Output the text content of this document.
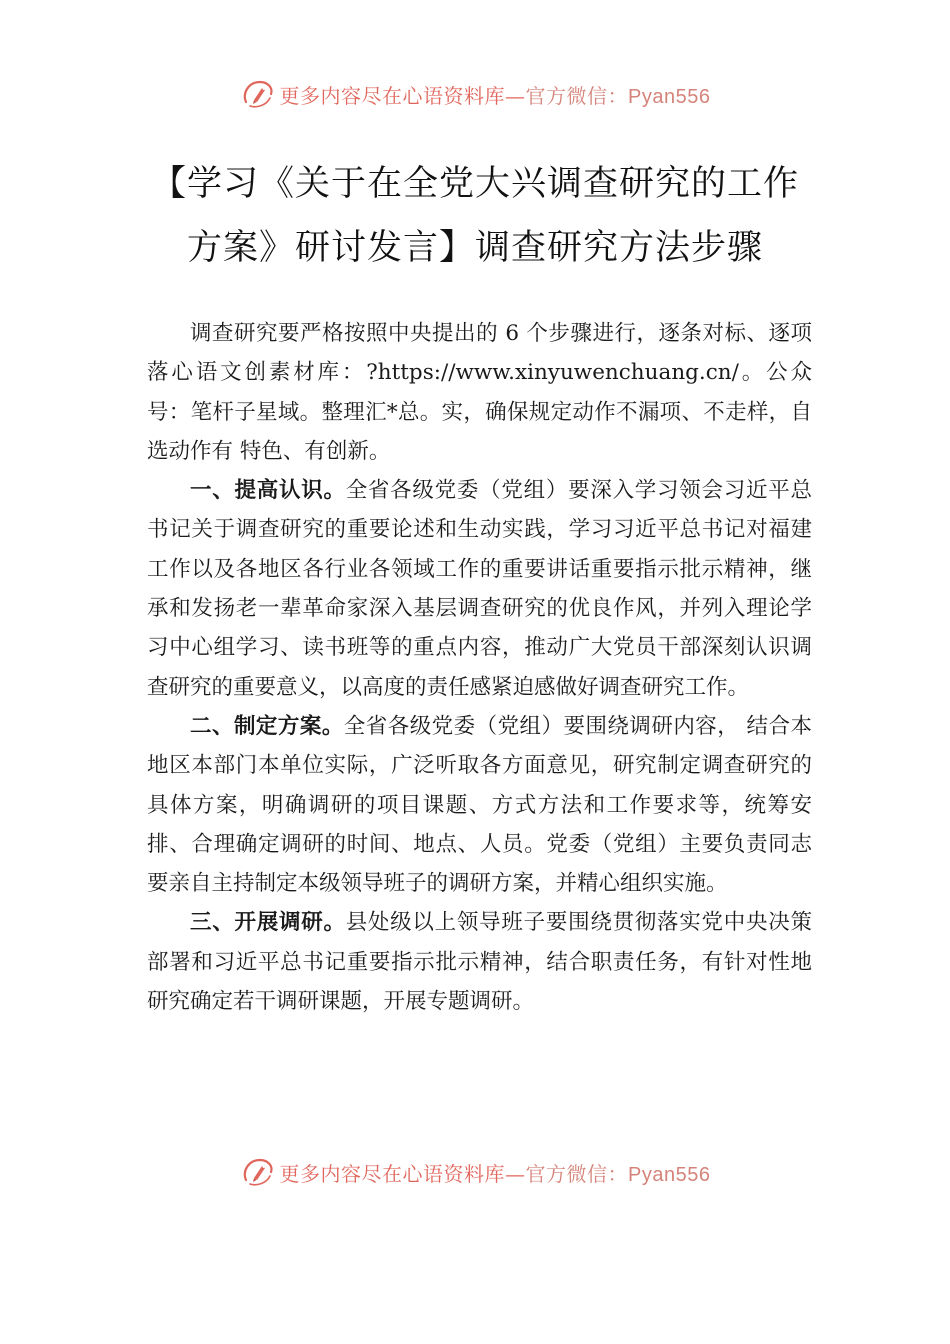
更多内容尽在心语资料库—官方微信：Pyan556
【学习《关于在全党大兴调查研究的工作
方案》研讨发言】调查研究方法步骤

调查研究要严格按照中央提出的 6 个步骤进行，逐条对标、逐项落心语文创素材库：?https://www.xinyuwenchuang.cn/。公众号：笔杆子星域。整理汇*总。实，确保规定动作不漏项、不走样，自选动作有 特色、有创新。

一、提高认识。全省各级党委（党组）要深入学习领会习近平总书记关于调查研究的重要论述和生动实践，学习习近平总书记对福建工作以及各地区各行业各领域工作的重要讲话重要指示批示精神，继承和发扬老一辈革命家深入基层调查研究的优良作风，并列入理论学习中心组学习、读书班等的重点内容，推动广大党员干部深刻认识调查研究的重要意义，以高度的责任感紧迫感做好调查研究工作。

二、制定方案。全省各级党委（党组）要围绕调研内容， 结合本地区本部门本单位实际，广泛听取各方面意见，研究制定调查研究的具体方案，明确调研的项目课题、方式方法和工作要求等，统筹安排、合理确定调研的时间、地点、人员。党委（党组）主要负责同志要亲自主持制定本级领导班子的调研方案，并精心组织实施。

三、开展调研。县处级以上领导班子要围绕贯彻落实党中央决策部署和习近平总书记重要指示批示精神，结合职责任务，有针对性地研究确定若干调研课题，开展专题调研。

更多内容尽在心语资料库—官方微信：Pyan556
